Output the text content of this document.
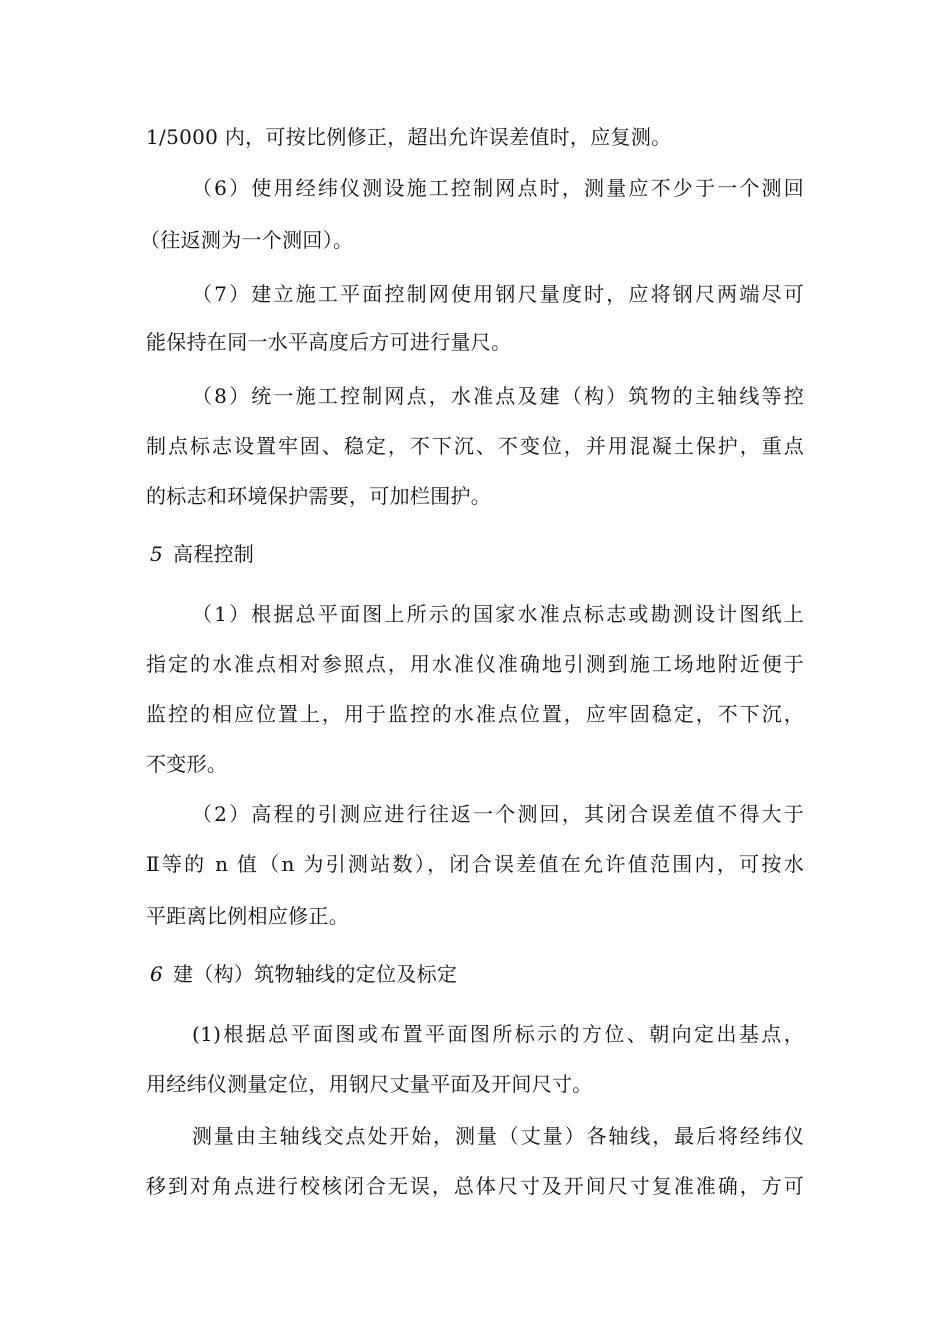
1/5000 内，可按比例修正，超出允许误差值时，应复测。
（6）使用经纬仪测设施工控制网点时，测量应不少于一个测回
（往返测为一个测回）。
（7）建立施工平面控制网使用钢尺量度时，应将钢尺两端尽可
能保持在同一水平高度后方可进行量尺。
（8）统一施工控制网点，水准点及建（构）筑物的主轴线等控
制点标志设置牢固、稳定，不下沉、不变位，并用混凝土保护，重点
的标志和环境保护需要，可加栏围护。
5 高程控制
（1）根据总平面图上所示的国家水准点标志或勘测设计图纸上
指定的水准点相对参照点，用水准仪准确地引测到施工场地附近便于
监控的相应位置上，用于监控的水准点位置，应牢固稳定，不下沉，
不变形。
（2）高程的引测应进行往返一个测回，其闭合误差值不得大于
Ⅱ等的 n 值（n 为引测站数），闭合误差值在允许值范围内，可按水
平距离比例相应修正。
6 建（构）筑物轴线的定位及标定
(1)根据总平面图或布置平面图所标示的方位、朝向定出基点，
用经纬仪测量定位，用钢尺丈量平面及开间尺寸。
测量由主轴线交点处开始，测量（丈量）各轴线，最后将经纬仪
移到对角点进行校核闭合无误，总体尺寸及开间尺寸复准准确，方可
